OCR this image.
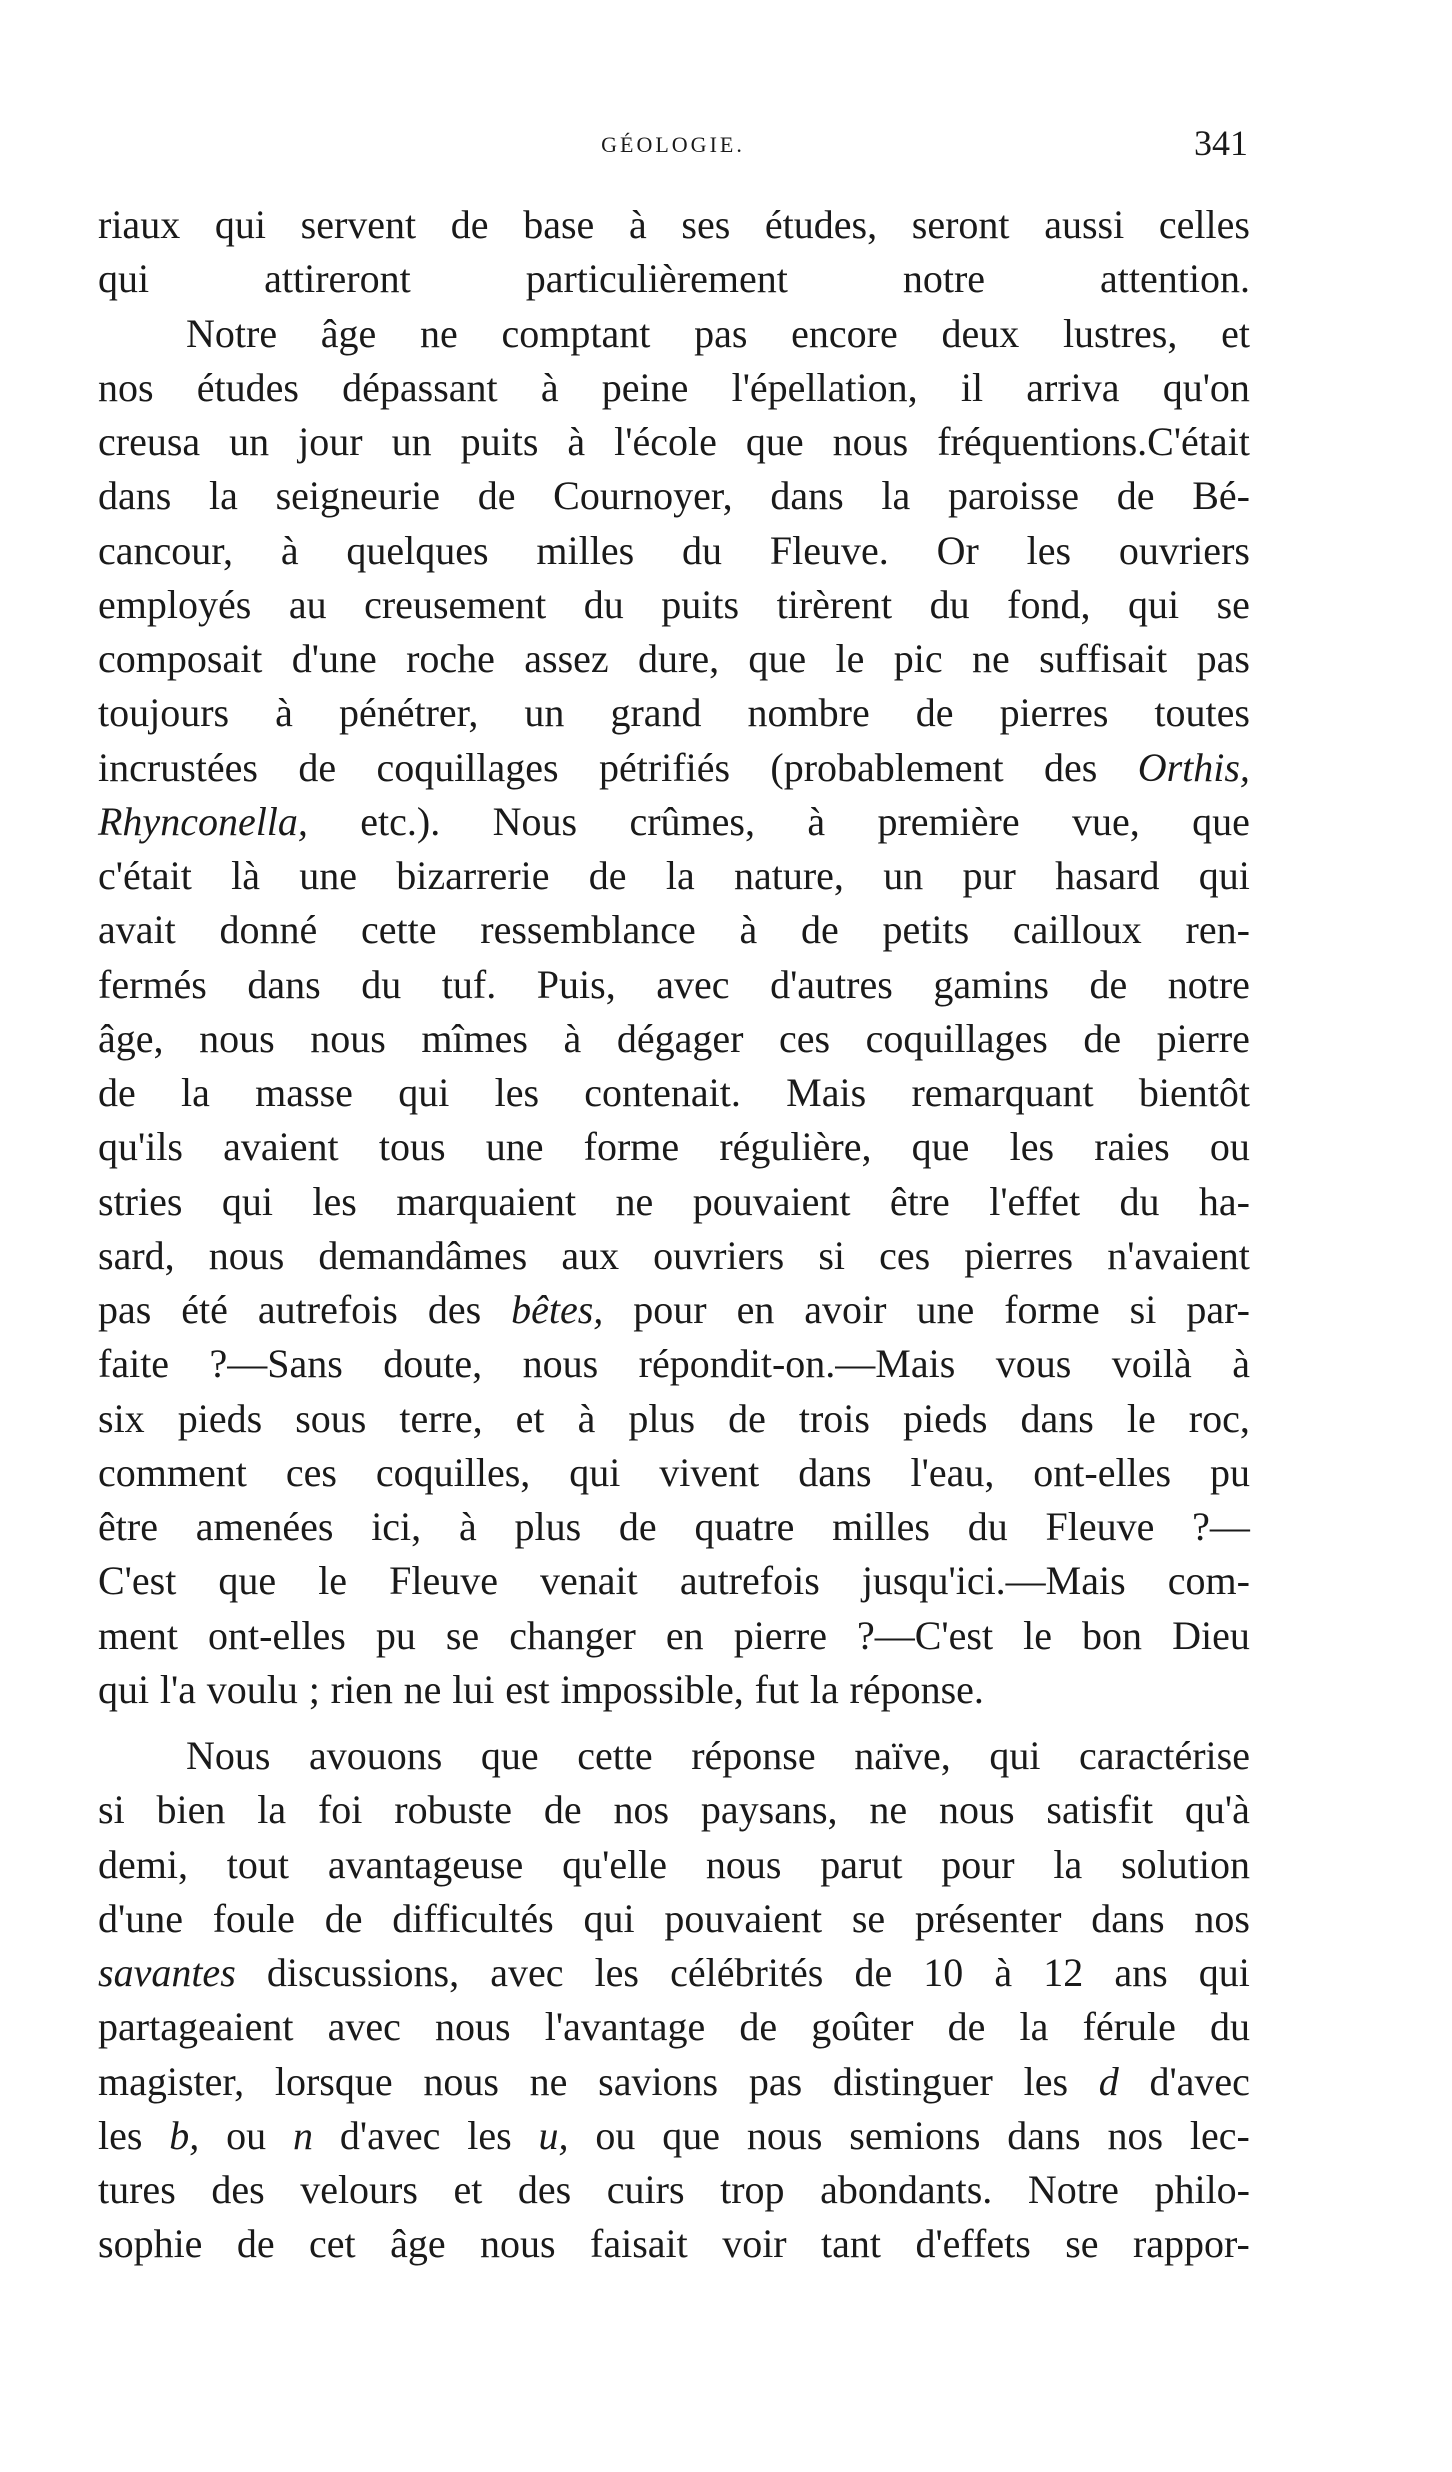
GÉOLOGIE.	341
riaux qui servent de base à ses études, seront aussi celles
qui	attireront	particulièrement	notre	attention.
Notre âge ne comptant pas encore deux lustres, et
nos études dépassant à peine l'épellation, il arriva qu'on
creusa un jour un puits à l'école que nous fréquentions.C'était
dans la seigneurie de Cournoyer, dans la paroisse de Bé-
cancour, à quelques milles du Fleuve. Or les ouvriers
employés au creusement du puits tirèrent du fond, qui se
composait d'une roche assez dure, que le pic ne suffisait pas
toujours à pénétrer, un grand nombre de pierres toutes
incrustées de coquillages pétrifiés (probablement des Orthis,
Rhynconella, etc.). Nous crûmes, à première vue, que
c'était là une bizarrerie de la nature, un pur hasard qui
avait donné cette ressemblance à de petits cailloux ren-
fermés dans du tuf. Puis, avec d'autres gamins de notre
âge, nous nous mîmes à dégager ces coquillages de pierre
de la masse qui les contenait. Mais remarquant bientôt
qu'ils avaient tous une forme régulière, que les raies ou
stries qui les marquaient ne pouvaient être l'effet du ha-
sard, nous demandâmes aux ouvriers si ces pierres n'avaient
pas été autrefois des bêtes, pour en avoir une forme si par-
faite ?—Sans doute, nous répondit-on.—Mais vous voilà à
six pieds sous terre, et à plus de trois pieds dans le roc,
comment ces coquilles, qui vivent dans l'eau, ont-elles pu
être amenées ici, à plus de quatre milles du Fleuve ?—
C'est que le Fleuve venait autrefois jusqu'ici.—Mais com-
ment ont-elles pu se changer en pierre ?—C'est le bon Dieu
qui l'a voulu ; rien ne lui est impossible, fut la réponse.
Nous avouons que cette réponse naïve, qui caractérise
si bien la foi robuste de nos paysans, ne nous satisfit qu'à
demi, tout avantageuse qu'elle nous parut pour la solution
d'une foule de difficultés qui pouvaient se présenter dans nos
savantes discussions, avec les célébrités de 10 à 12 ans qui
partageaient avec nous l'avantage de goûter de la férule du
magister, lorsque nous ne savions pas distinguer les d d'avec
les b, ou n d'avec les u, ou que nous semions dans nos lec-
tures des velours et des cuirs trop abondants. Notre philo-
sophie de cet âge nous faisait voir tant d'effets se rappor-
